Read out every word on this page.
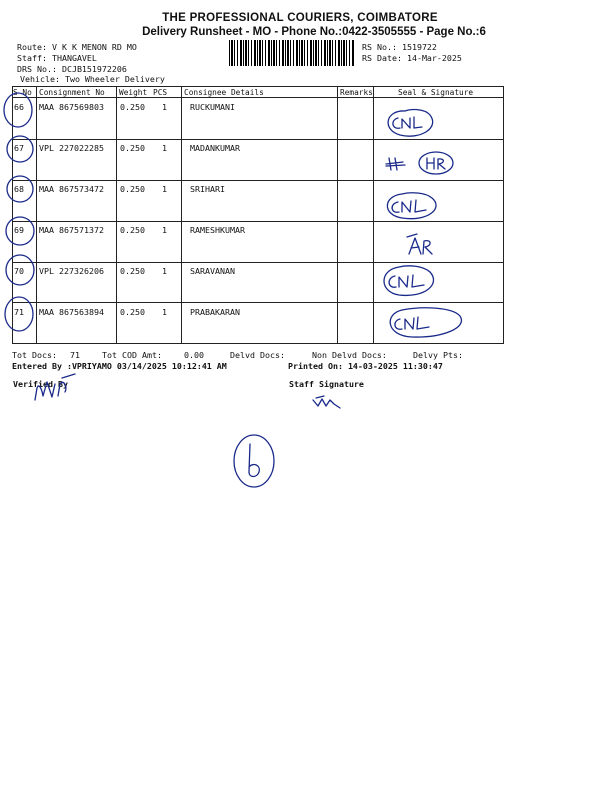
THE PROFESSIONAL COURIERS, COIMBATORE
Delivery Runsheet - MO - Phone No.:0422-3505555 - Page No.:6
Route: V K K MENON RD MO
Staff: THANGAVEL
DRS No.: DCJB151972206
Vehicle: Two Wheeler Delivery
RS No.: 1519722
RS Date: 14-Mar-2025
S No Consignment No Weight PCS Consignee Details	Remarks	Seal & Signature
66 MAA 867569803 0.250 1	RUCKUMANI
67 VPL 227022285 0.250 1	MADANKUMAR
68 MAA 867573472 0.250 1	SRIHARI
69 MAA 867571372 0.250 1	RAMESHKUMAR
70 VPL 227326206 0.250 1	SARAVANAN
71 MAA 867563894 0.250 1	PRABAKARAN
Tot Docs: 71	Tot COD Amt:	0.00	Delvd Docs:	Non Delvd Docs:	Delvy Pts:
Entered By :VPRIYAMO 03/14/2025 10:12:41 AM	Printed On: 14-03-2025 11:30:47
Verified By	Staff Signature
